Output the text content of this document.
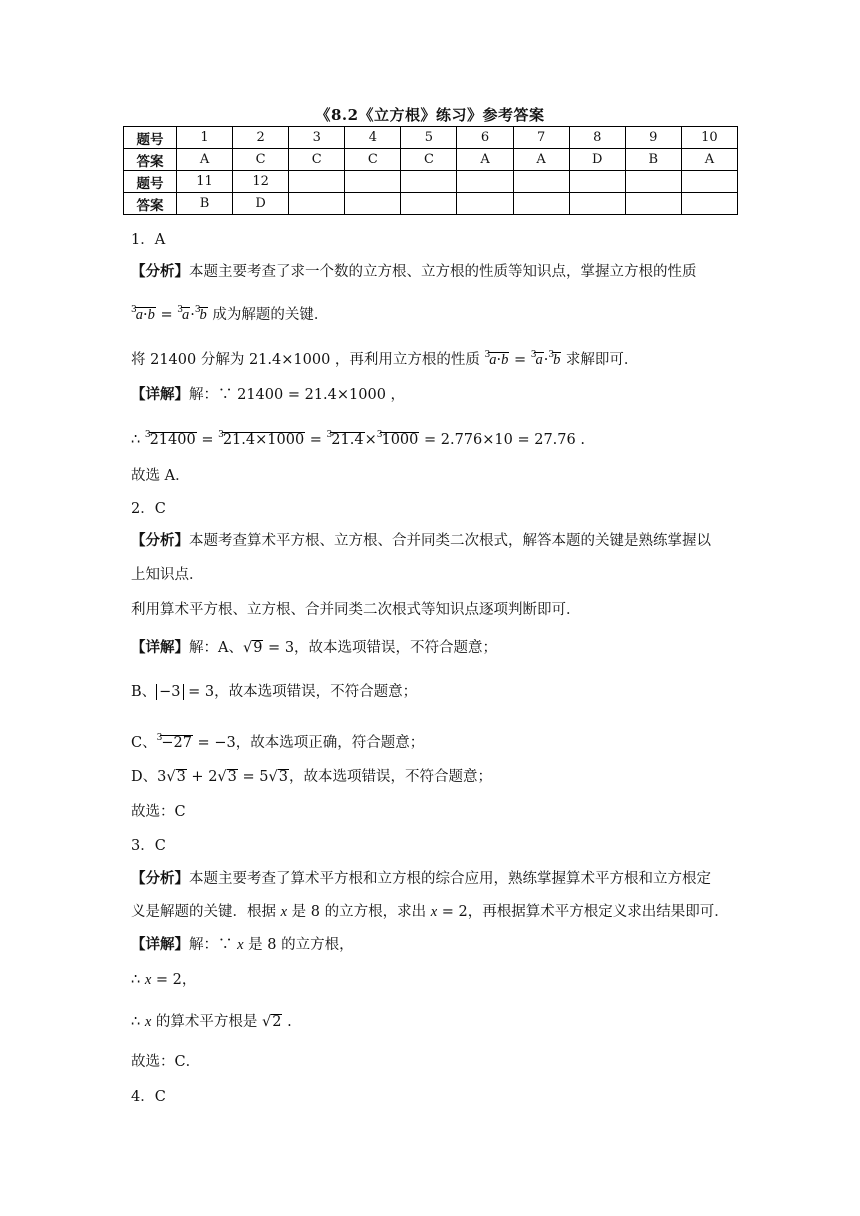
《8.2《立方根》练习》参考答案
题号	1	2	3	4	5	6	7	8	9	10
答案	A	C	C	C	C	A	A	D	B	A
题号	11	12								
答案	B	D								
1．A
【分析】本题主要考查了求一个数的立方根、立方根的性质等知识点，掌握立方根的性质
$^3$a·b = $^3$a·$^3$b 成为解题的关键．
将 21400 分解为 21.4×1000 ，再利用立方根的性质 $^3$a·b = $^3$a·$^3$b 求解即可．
【详解】解：∵ 21400 = 21.4×1000 ，
∴ $^3$21400 = $^3$21.4×1000 = $^3$21.4×$^3$1000 = 2.776×10 = 27.76 .
故选 A．
2．C
【分析】本题考查算术平方根、立方根、合并同类二次根式，解答本题的关键是熟练掌握以
上知识点．
利用算术平方根、立方根、合并同类二次根式等知识点逐项判断即可．
【详解】解：A、√9 = 3，故本选项错误，不符合题意；
B、 −3 = 3，故本选项错误，不符合题意；
C、$^3$−27 = −3，故本选项正确，符合题意；
D、3√3 + 2√3 = 5√3，故本选项错误，不符合题意；
故选：C
3．C
【分析】本题主要考查了算术平方根和立方根的综合应用，熟练掌握算术平方根和立方根定
义是解题的关键．根据 x 是 8 的立方根，求出 x = 2，再根据算术平方根定义求出结果即可．
【详解】解：∵ x 是 8 的立方根，
∴ x = 2，
∴ x 的算术平方根是 √2 .
故选：C．
4．C
